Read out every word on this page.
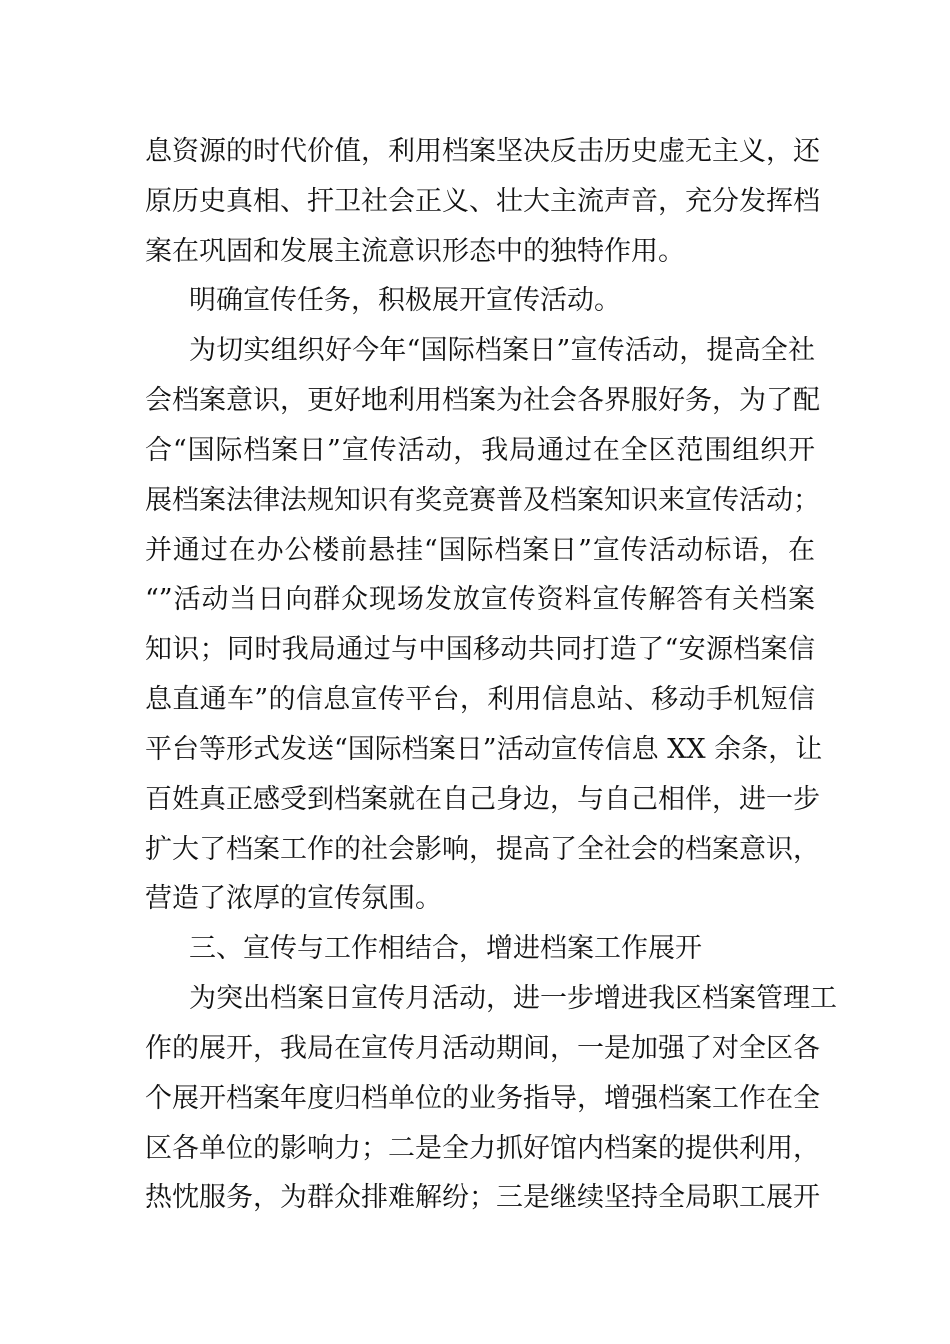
息资源的时代价值，利用档案坚决反击历史虚无主义，还
原历史真相、扞卫社会正义、壮大主流声音，充分发挥档
案在巩固和发展主流意识形态中的独特作用。
明确宣传任务，积极展开宣传活动。
为切实组织好今年“国际档案日”宣传活动，提高全社
会档案意识，更好地利用档案为社会各界服好务，为了配
合“国际档案日”宣传活动，我局通过在全区范围组织开
展档案法律法规知识有奖竞赛普及档案知识来宣传活动；
并通过在办公楼前悬挂“国际档案日”宣传活动标语，在
“”活动当日向群众现场发放宣传资料宣传解答有关档案
知识；同时我局通过与中国移动共同打造了“安源档案信
息直通车”的信息宣传平台，利用信息站、移动手机短信
平台等形式发送“国际档案日”活动宣传信息 XX 余条，让
百姓真正感受到档案就在自己身边，与自己相伴，进一步
扩大了档案工作的社会影响，提高了全社会的档案意识，
营造了浓厚的宣传氛围。
三、宣传与工作相结合，增进档案工作展开
为突出档案日宣传月活动，进一步增进我区档案管理工
作的展开，我局在宣传月活动期间，一是加强了对全区各
个展开档案年度归档单位的业务指导，增强档案工作在全
区各单位的影响力；二是全力抓好馆内档案的提供利用，
热忱服务，为群众排难解纷；三是继续坚持全局职工展开
